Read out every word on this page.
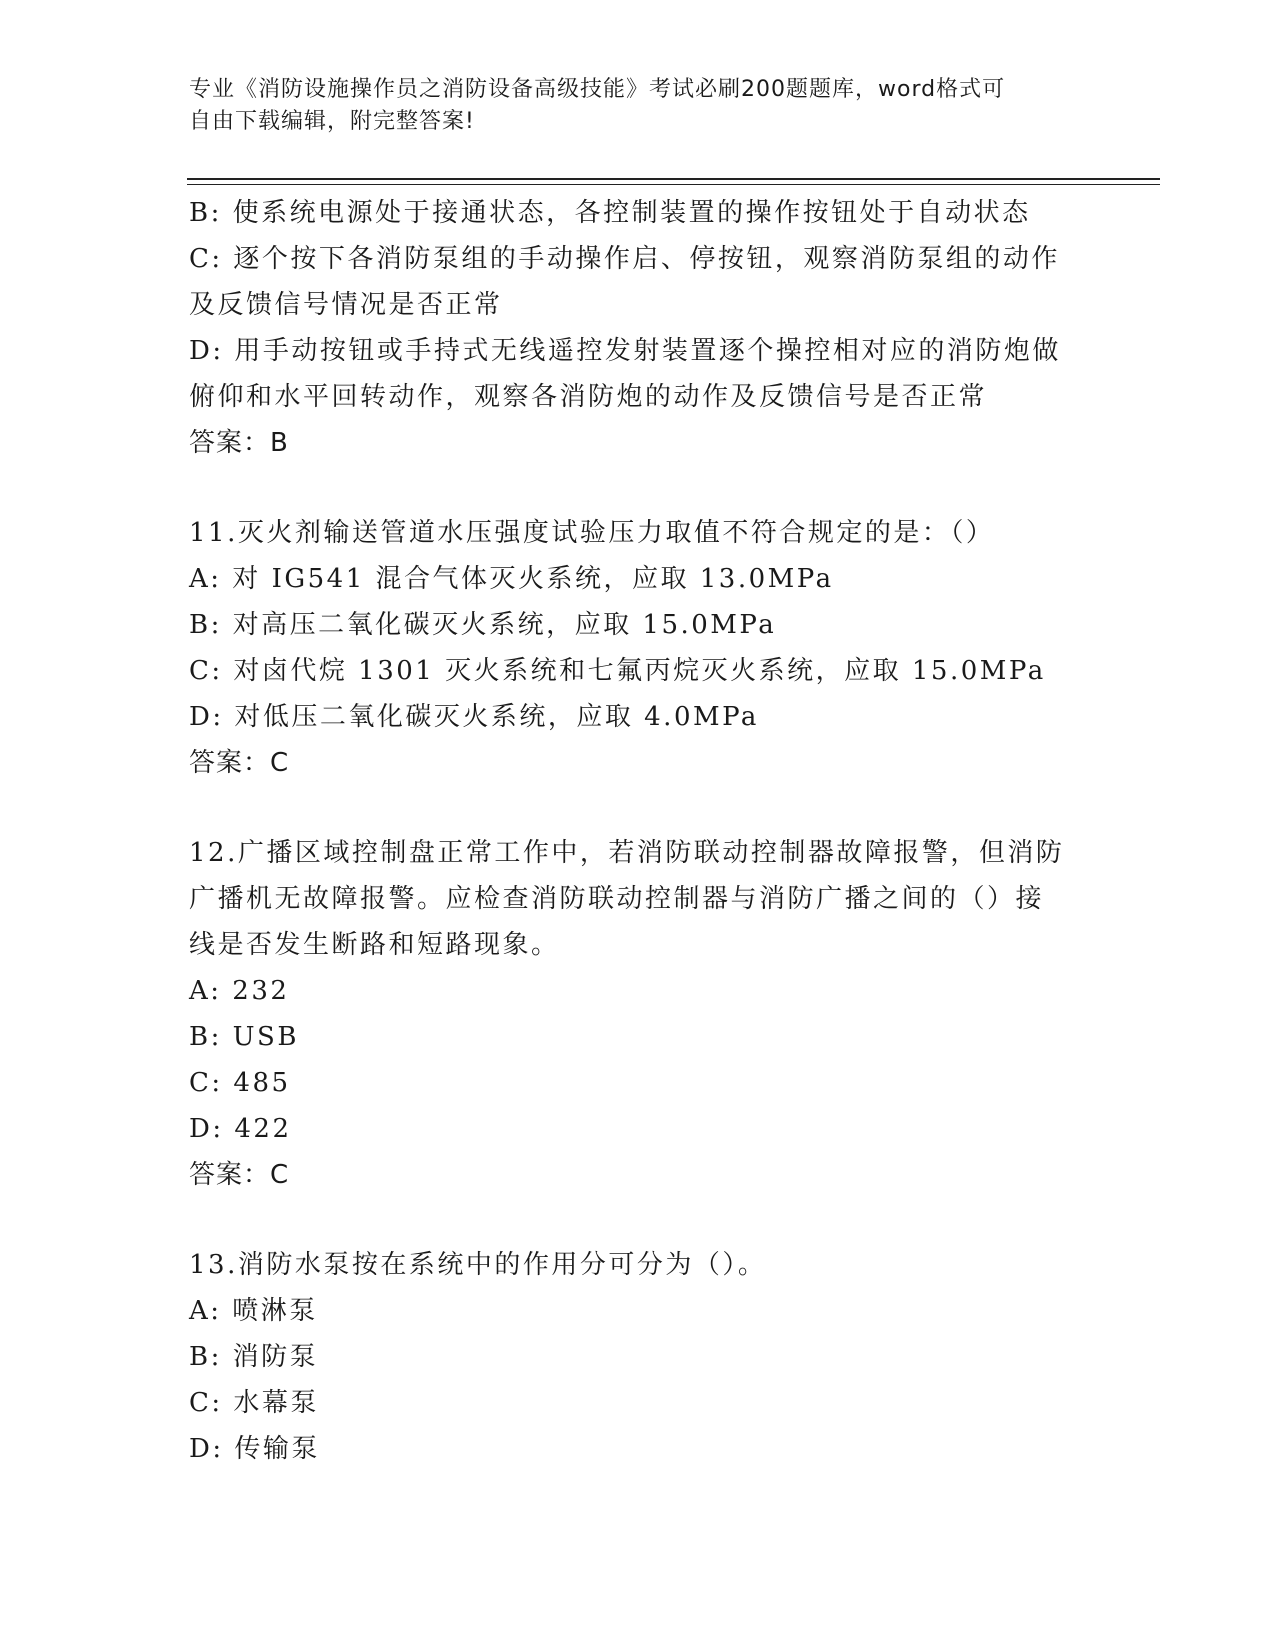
专业《消防设施操作员之消防设备高级技能》考试必刷200题题库，word格式可
自由下载编辑，附完整答案!

B: 使系统电源处于接通状态，各控制装置的操作按钮处于自动状态

C: 逐个按下各消防泵组的手动操作启、停按钮，观察消防泵组的动作

及反馈信号情况是否正常

D: 用手动按钮或手持式无线遥控发射装置逐个操控相对应的消防炮做

俯仰和水平回转动作，观察各消防炮的动作及反馈信号是否正常

答案：B

11.灭火剂输送管道水压强度试验压力取值不符合规定的是：（）

A: 对 IG541 混合气体灭火系统，应取 13.0MPa

B: 对高压二氧化碳灭火系统，应取 15.0MPa

C: 对卤代烷 1301 灭火系统和七氟丙烷灭火系统，应取 15.0MPa

D: 对低压二氧化碳灭火系统，应取 4.0MPa

答案：C

12.广播区域控制盘正常工作中，若消防联动控制器故障报警，但消防

广播机无故障报警。应检查消防联动控制器与消防广播之间的（）接

线是否发生断路和短路现象。

A: 232

B: USB

C: 485

D: 422

答案：C

13.消防水泵按在系统中的作用分可分为（）。

A: 喷淋泵

B: 消防泵

C: 水幕泵

D: 传输泵
